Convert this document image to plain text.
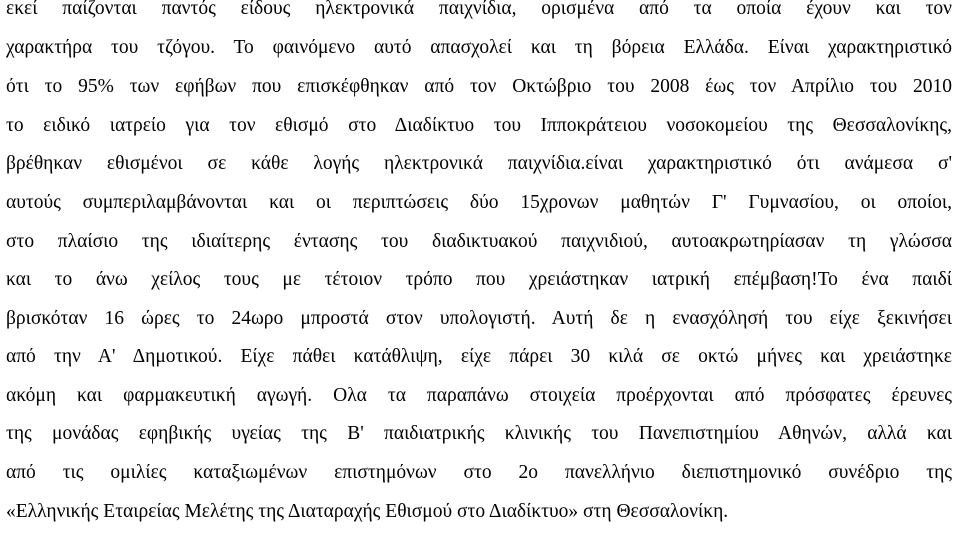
εκεί παίζονται παντός είδους ηλεκτρονικά παιχνίδια, ορισμένα από τα οποία έχουν και τον
χαρακτήρα του τζόγου. Το φαινόμενο αυτό απασχολεί και τη βόρεια Ελλάδα. Είναι χαρακτηριστικό
ότι το 95% των εφήβων που επισκέφθηκαν από τον Οκτώβριο του 2008 έως τον Απρίλιο του 2010
το ειδικό ιατρείο για τον εθισμό στο Διαδίκτυο του Ιπποκράτειου νοσοκομείου της Θεσσαλονίκης,
βρέθηκαν εθισμένοι σε κάθε λογής ηλεκτρονικά παιχνίδια.είναι χαρακτηριστικό ότι ανάμεσα σ'
αυτούς συμπεριλαμβάνονται και οι περιπτώσεις δύο 15χρονων μαθητών Γ' Γυμνασίου, οι οποίοι,
στο πλαίσιο της ιδιαίτερης έντασης του διαδικτυακού παιχνιδιού, αυτοακρωτηρίασαν τη γλώσσα
και το άνω χείλος τους με τέτοιον τρόπο που χρειάστηκαν ιατρική επέμβαση!Το ένα παιδί
βρισκόταν 16 ώρες το 24ωρο μπροστά στον υπολογιστή. Αυτή δε η ενασχόλησή του είχε ξεκινήσει
από την Α' Δημοτικού. Είχε πάθει κατάθλιψη, είχε πάρει 30 κιλά σε οκτώ μήνες και χρειάστηκε
ακόμη και φαρμακευτική αγωγή. Ολα τα παραπάνω στοιχεία προέρχονται από πρόσφατες έρευνες
της μονάδας εφηβικής υγείας της Β' παιδιατρικής κλινικής του Πανεπιστημίου Αθηνών, αλλά και
από τις ομιλίες καταξιωμένων επιστημόνων στο 2ο πανελλήνιο διεπιστημονικό συνέδριο της
«Ελληνικής Εταιρείας Μελέτης της Διαταραχής Εθισμού στο Διαδίκτυο» στη Θεσσαλονίκη.
